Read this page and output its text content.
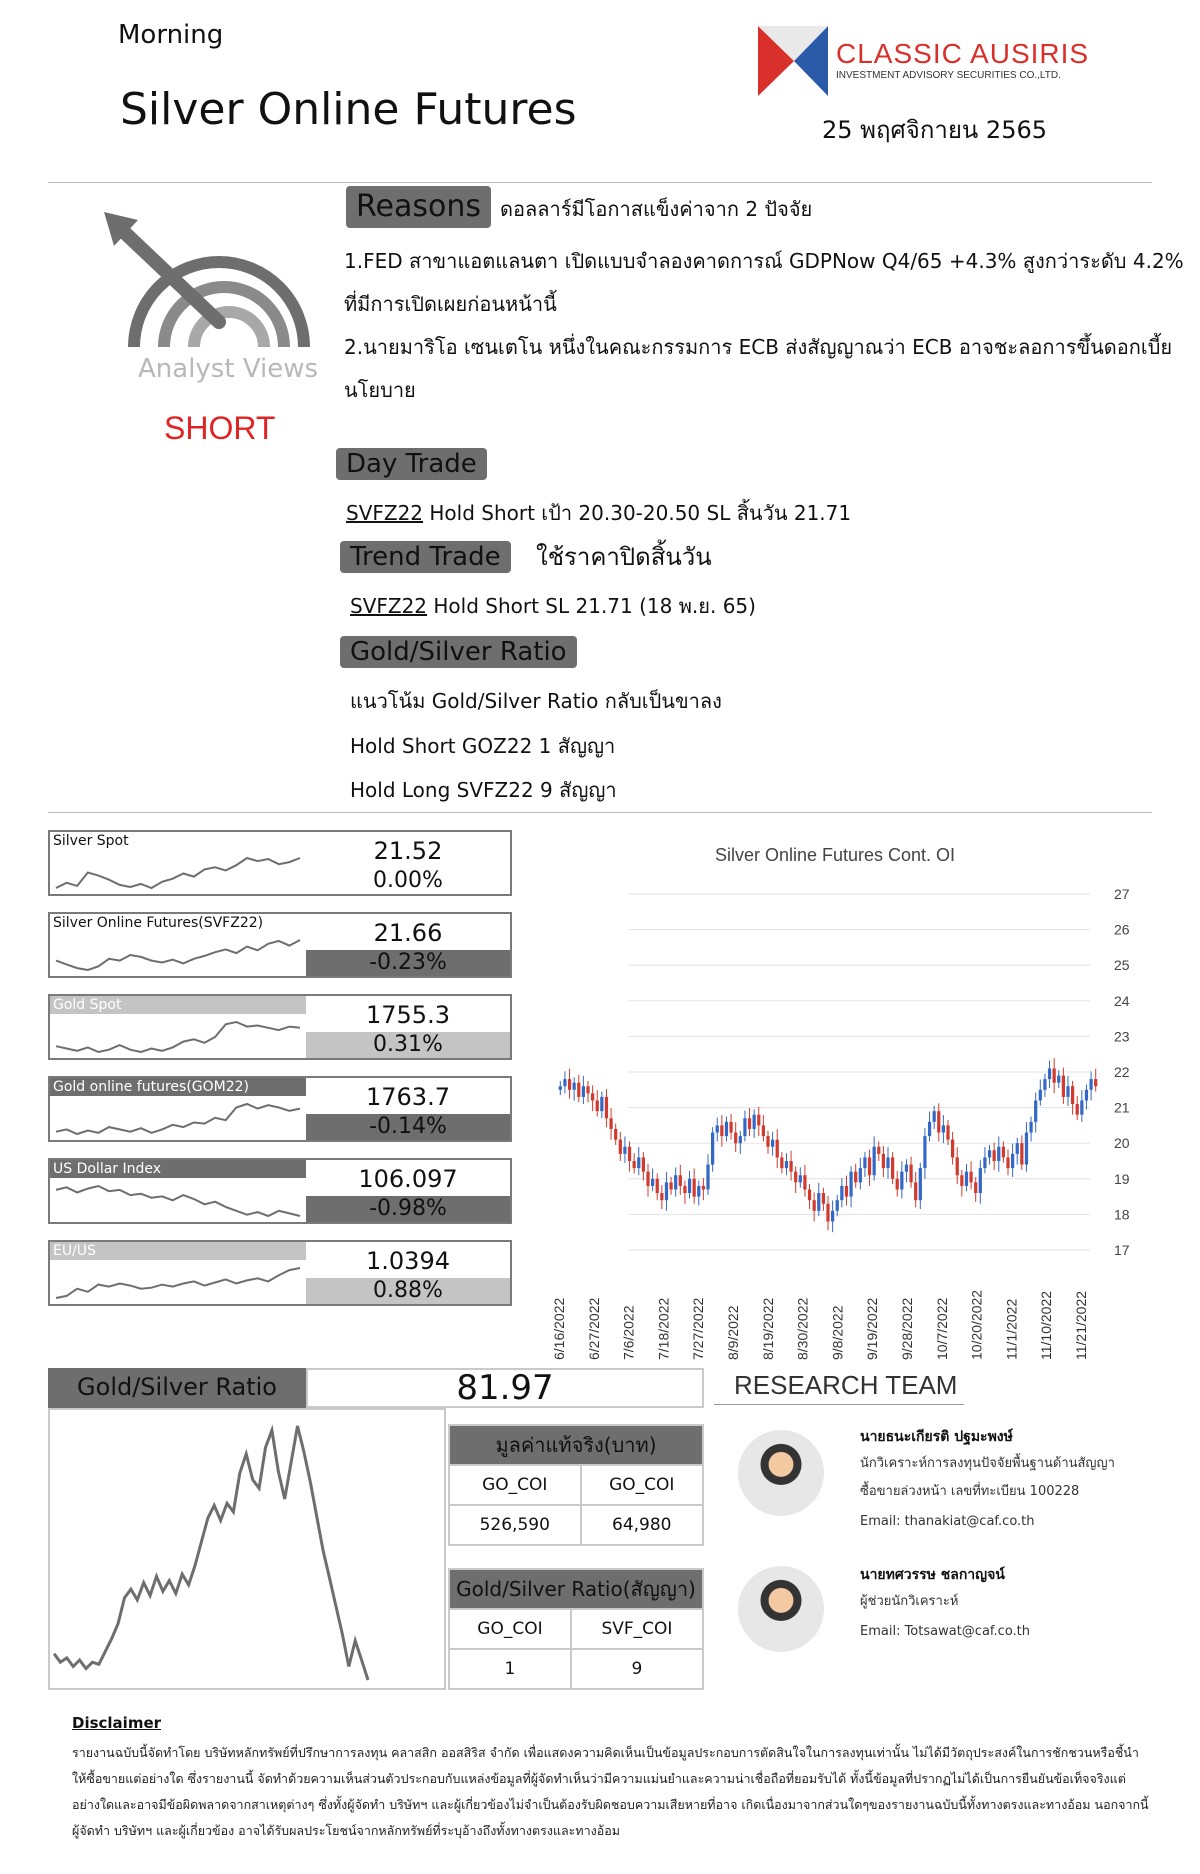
Morning
Silver Online Futures	25 พฤศจิกายน 2565
CLASSIC AUSIRIS
INVESTMENT ADVISORY SECURITIES CO.,LTD.
Analyst Views
SHORT
Reasons ดอลลาร์มีโอกาสแข็งค่าจาก 2 ปัจจัย
1.FED สาขาแอตแลนตา เปิดแบบจำลองคาดการณ์ GDPNow Q4/65 +4.3% สูงกว่าระดับ 4.2%
ที่มีการเปิดเผยก่อนหน้านี้
2.นายมาริโอ เซนเตโน หนึ่งในคณะกรรมการ ECB ส่งสัญญาณว่า ECB อาจชะลอการขึ้นดอกเบี้ย
นโยบาย
Day Trade
SVFZ22 Hold Short เป้า 20.30-20.50 SL สิ้นวัน 21.71
Trend Trade	ใช้ราคาปิดสิ้นวัน
SVFZ22 Hold Short SL 21.71 (18 พ.ย. 65)
Gold/Silver Ratio
แนวโน้ม Gold/Silver Ratio กลับเป็นขาลง
Hold Short GOZ22 1 สัญญา
Hold Long SVFZ22 9 สัญญา
Silver Spot	21.52
0.00%
Silver Online Futures(SVFZ22)	21.66
-0.23%
Gold Spot	1755.3
0.31%
Gold online futures(GOM22)	1763.7
-0.14%
US Dollar Index	106.097
-0.98%
EU/US	1.0394
0.88%
Silver Online Futures Cont. OI
17
18
19
20
21
22
23
24
25
26
27
6/16/2022 6/27/2022 7/6/2022 7/18/2022 7/27/2022 8/9/2022 8/19/2022 8/30/2022 9/8/2022 9/19/2022 9/28/2022 10/7/2022 10/20/2022 11/1/2022 11/10/2022 11/21/2022
Gold/Silver Ratio	81.97
มูลค่าแท้จริง(บาท)	
GO_COI	GO_COI
526,590	64,980
Gold/Silver Ratio(สัญญา)	
GO_COI	SVF_COI
1	9
RESEARCH TEAM
นายธนะเกียรติ ปฐมะพงษ์
นักวิเคราะห์การลงทุนปัจจัยพื้นฐานด้านสัญญา
ซื้อขายล่วงหน้า เลขที่ทะเบียน 100228
Email: thanakiat@caf.co.th
นายทศวรรษ ชลกาญจน์
ผู้ช่วยนักวิเคราะห์
Email: Totsawat@caf.co.th
Disclaimer
รายงานฉบับนี้จัดทำโดย บริษัทหลักทรัพย์ที่ปรึกษาการลงทุน คลาสสิก ออสสิริส จำกัด เพื่อแสดงความคิดเห็นเป็นข้อมูลประกอบการตัดสินใจในการลงทุนเท่านั้น ไม่ได้มีวัตถุประสงค์ในการชักชวนหรือชี้นำให้ซื้อขายแต่อย่างใด ซึ่งรายงานนี้ จัดทำด้วยความเห็นส่วนตัวประกอบกับแหล่งข้อมูลที่ผู้จัดทำเห็นว่ามีความแม่นยำและความน่าเชื่อถือที่ยอมรับได้ ทั้งนี้ข้อมูลที่ปรากฏไม่ได้เป็นการยืนยันข้อเท็จจริงแต่อย่างใดและอาจมีข้อผิดพลาดจากสาเหตุต่างๆ ซึ่งทั้งผู้จัดทำ บริษัทฯ และผู้เกี่ยวข้องไม่จำเป็นต้องรับผิดชอบความเสียหายที่อาจ เกิดเนื่องมาจากส่วนใดๆของรายงานฉบับนี้ทั้งทางตรงและทางอ้อม นอกจากนี้ผู้จัดทำ บริษัทฯ และผู้เกี่ยวข้อง อาจได้รับผลประโยชน์จากหลักทรัพย์ที่ระบุอ้างถึงทั้งทางตรงและทางอ้อม
